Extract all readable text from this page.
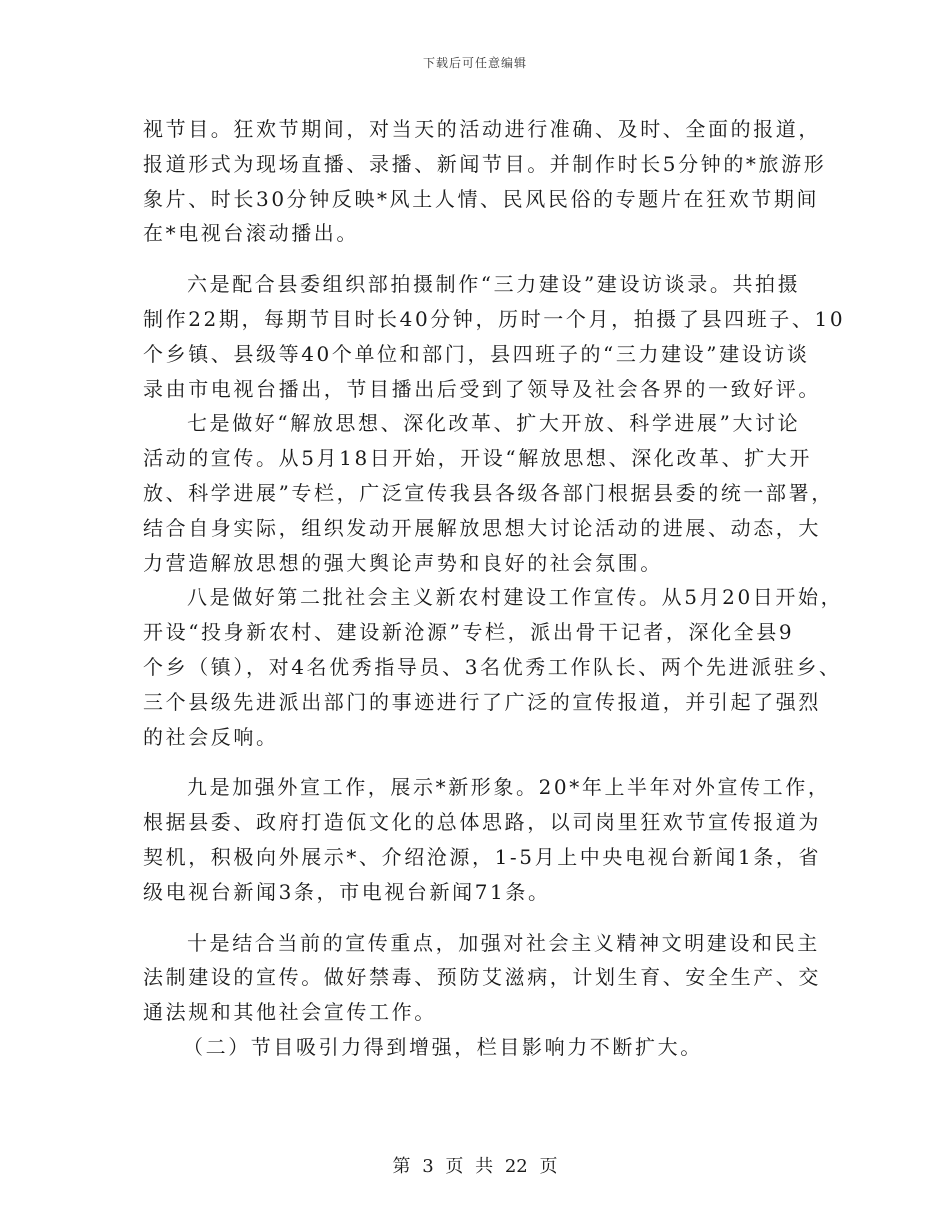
下载后可任意编辑
视节目。狂欢节期间，对当天的活动进行准确、及时、全面的报道，
报道形式为现场直播、录播、新闻节目。并制作时长5分钟的*旅游形
象片、时长30分钟反映*风土人情、民风民俗的专题片在狂欢节期间
在*电视台滚动播出。
六是配合县委组织部拍摄制作“三力建设”建设访谈录。共拍摄
制作22期，每期节目时长40分钟，历时一个月，拍摄了县四班子、10
个乡镇、县级等40个单位和部门，县四班子的“三力建设”建设访谈
录由市电视台播出，节目播出后受到了领导及社会各界的一致好评。
七是做好“解放思想、深化改革、扩大开放、科学进展”大讨论
活动的宣传。从5月18日开始，开设“解放思想、深化改革、扩大开
放、科学进展”专栏，广泛宣传我县各级各部门根据县委的统一部署，
结合自身实际，组织发动开展解放思想大讨论活动的进展、动态，大
力营造解放思想的强大舆论声势和良好的社会氛围。
八是做好第二批社会主义新农村建设工作宣传。从5月20日开始，
开设“投身新农村、建设新沧源”专栏，派出骨干记者，深化全县9
个乡（镇），对4名优秀指导员、3名优秀工作队长、两个先进派驻乡、
三个县级先进派出部门的事迹进行了广泛的宣传报道，并引起了强烈
的社会反响。
九是加强外宣工作，展示*新形象。20*年上半年对外宣传工作，
根据县委、政府打造佤文化的总体思路，以司岗里狂欢节宣传报道为
契机，积极向外展示*、介绍沧源，1-5月上中央电视台新闻1条，省
级电视台新闻3条，市电视台新闻71条。
十是结合当前的宣传重点，加强对社会主义精神文明建设和民主
法制建设的宣传。做好禁毒、预防艾滋病，计划生育、安全生产、交
通法规和其他社会宣传工作。
（二）节目吸引力得到增强，栏目影响力不断扩大。
第 3 页 共 22 页
